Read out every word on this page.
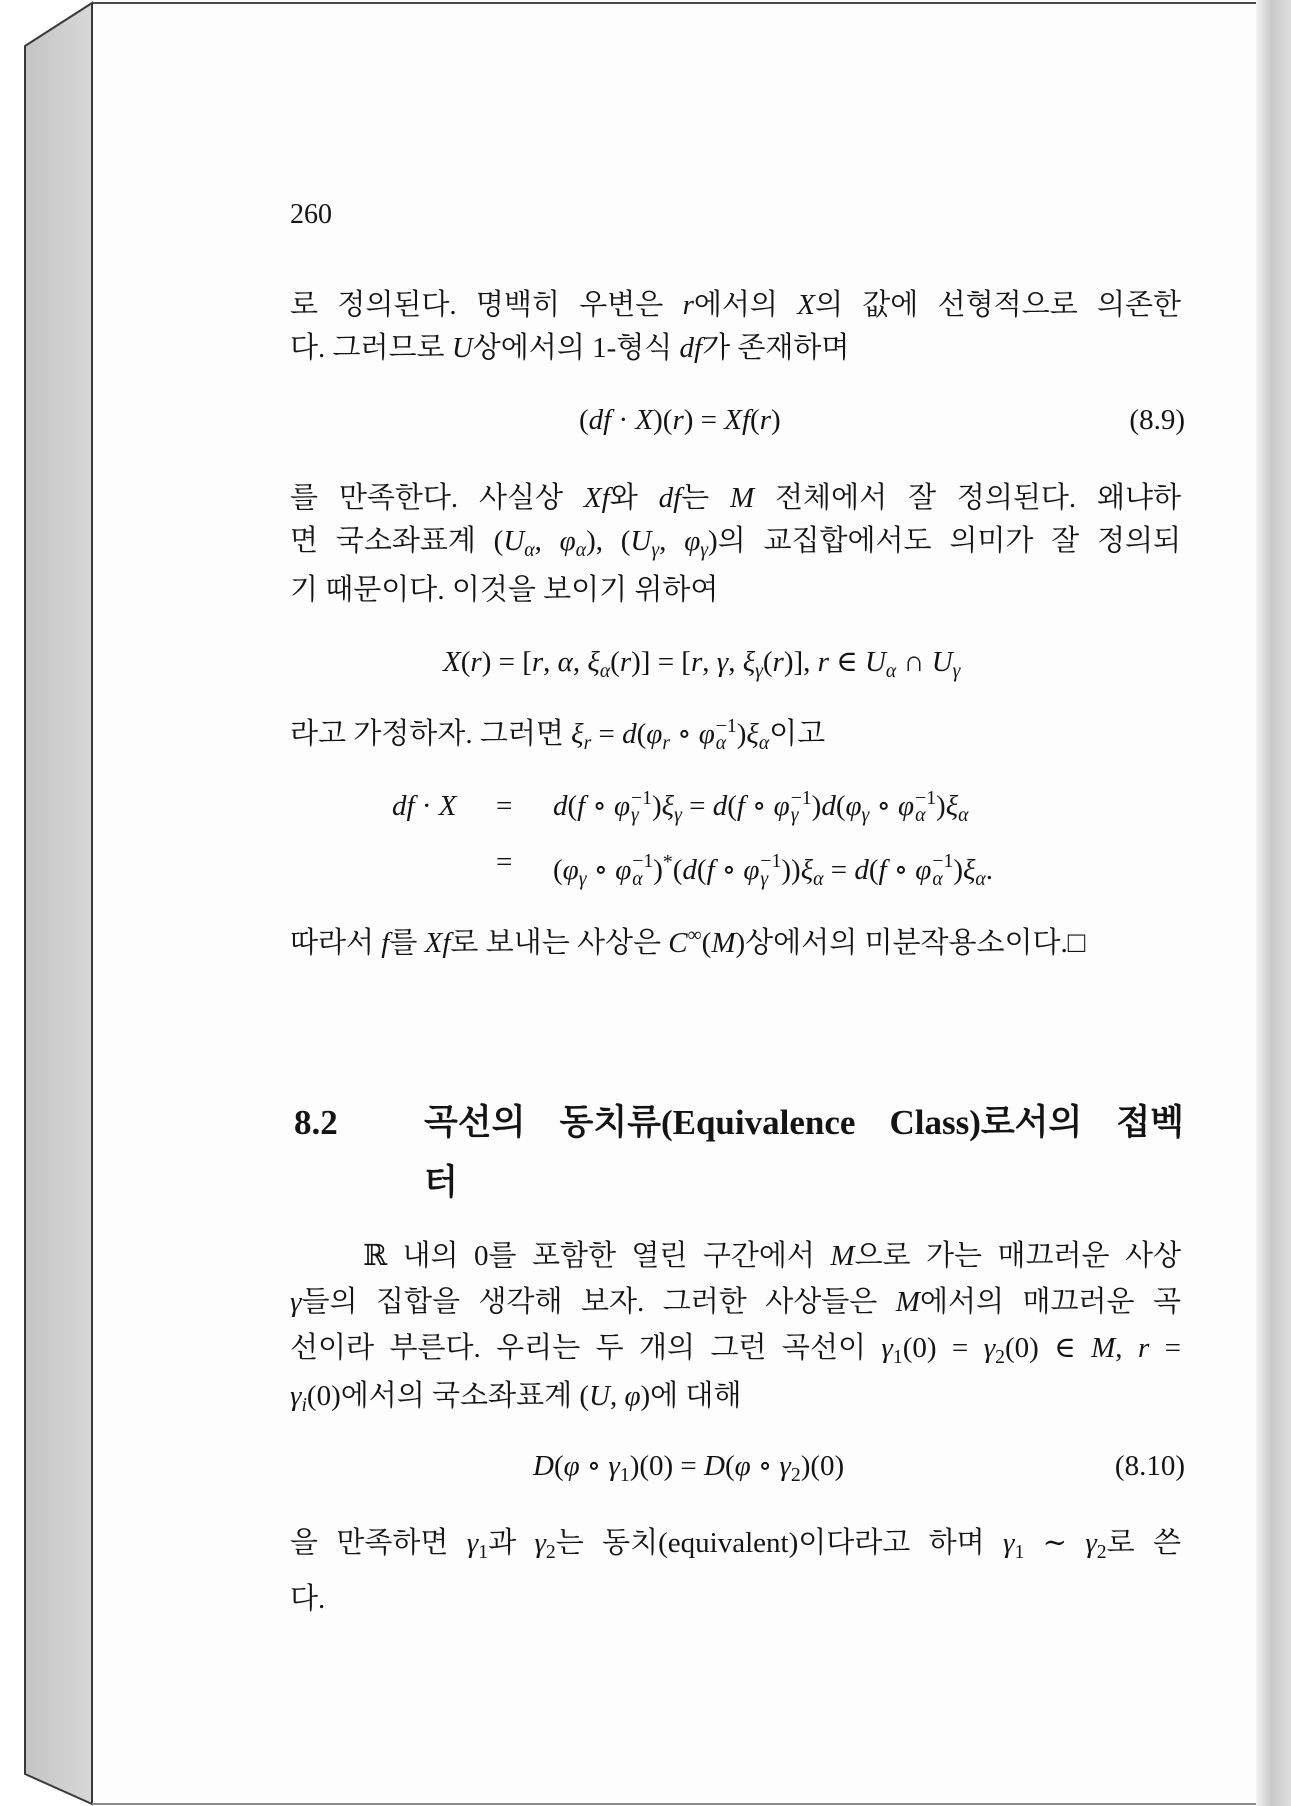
260
로 정의된다. 명백히 우변은 r에서의 X의 값에 선형적으로 의존한
다. 그러므로 U상에서의 1-형식 df가 존재하며
(df · X)(r) = Xf(r)	(8.9)
를 만족한다. 사실상 Xf와 df는 M 전체에서 잘 정의된다. 왜냐하
면 국소좌표계 ($U_\alpha$, $\varphi_\alpha$), ($U_\gamma$, $\varphi_\gamma$)의 교집합에서도 의미가 잘 정의되
기 때문이다. 이것을 보이기 위하여
X(r) = [r, α, $\xi_\alpha(r)] = [r$, γ, $\xi_\gamma(r)$], r ∈ $U_\alpha$ ∩ $U_\gamma$
라고 가정하자. 그러면 $\xi_r = d(\varphi_r$ ∘ φ −1
α )$\xi_\alpha$이고
df · X = d(f ∘ φ −1
γ )$\xi_\gamma = d(f$ ∘ φ −1
γ )$d(\varphi_\gamma$ ∘ φ −1
α )$\xi_\alpha$
= ($\varphi_\gamma$ ∘ φ −1
α )*(d(f ∘ φ −1
γ ))$\xi_\alpha = d(f$ ∘ φ −1
α )$\xi_\alpha$.
따라서 f를 Xf로 보내는 사상은 C∞(M)상에서의 미분작용소이다.□
8.2 곡선의 동치류(Equivalence Class)로서의 접벡
터
ℝ 내의 0를 포함한 열린 구간에서 M으로 가는 매끄러운 사상
γ들의 집합을 생각해 보자. 그러한 사상들은 M에서의 매끄러운 곡
선이라 부른다. 우리는 두 개의 그런 곡선이 $\gamma_1(0) = \gamma_2(0)$ ∈ M, r =
$\gamma_i(0)$에서의 국소좌표계 (U, φ)에 대해
D(φ ∘ $\gamma_1)(0) = D(\varphi$ ∘ $\gamma_2)(0)$	(8.10)
을 만족하면 $\gamma_1$과 $\gamma_2$는 동치(equivalent)이다라고 하며 $\gamma_1$ ∼ $\gamma_2$로 쓴
다.
